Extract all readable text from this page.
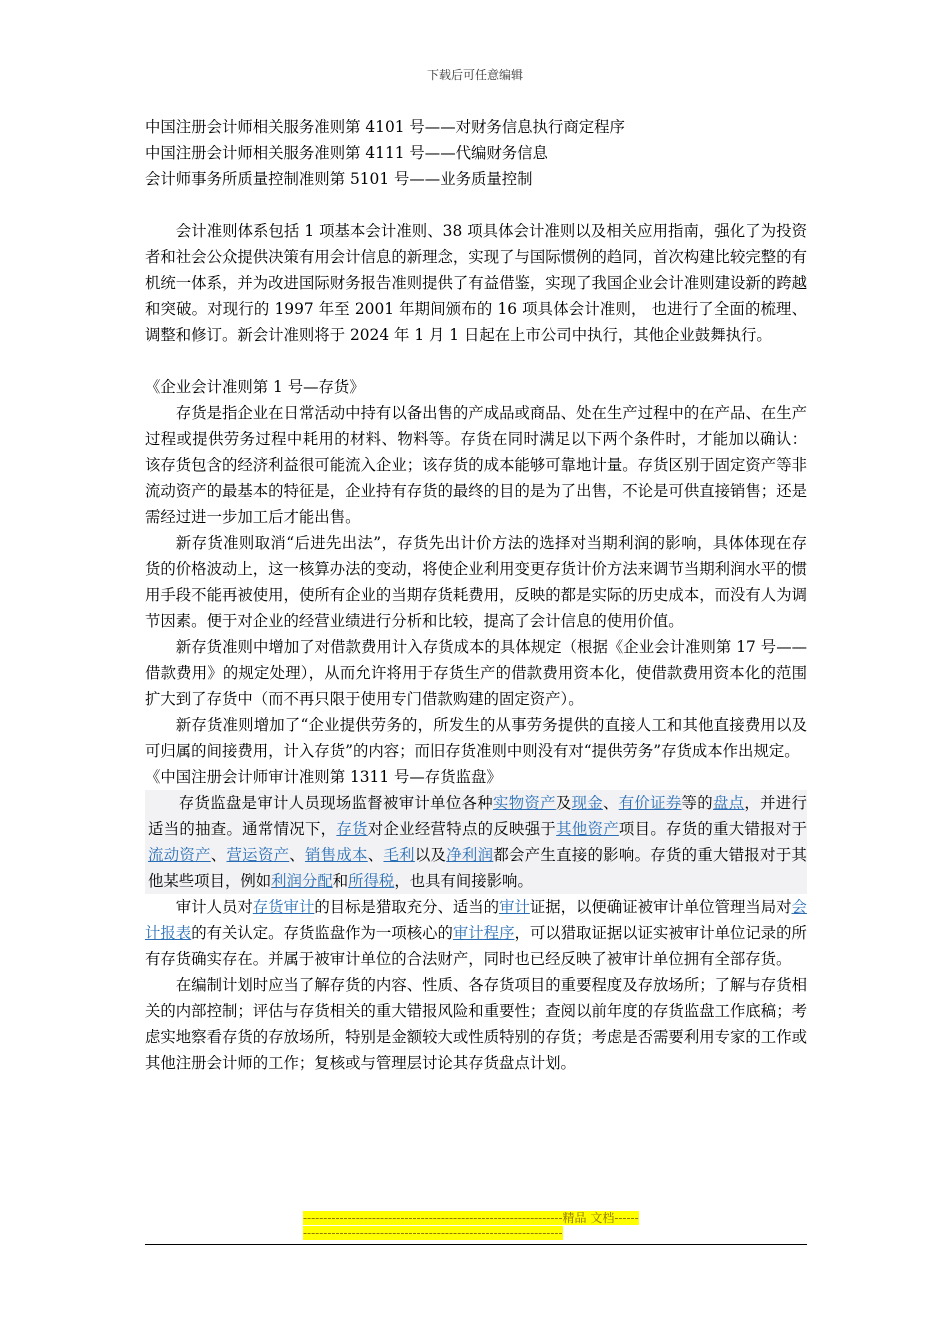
下载后可任意编辑

中国注册会计师相关服务准则第 4101 号——对财务信息执行商定程序

中国注册会计师相关服务准则第 4111 号——代编财务信息

会计师事务所质量控制准则第 5101 号——业务质量控制

会计准则体系包括 1 项基本会计准则、38 项具体会计准则以及相关应用指南，强化了为投资者和社会公众提供决策有用会计信息的新理念，实现了与国际惯例的趋同，首次构建比较完整的有机统一体系，并为改进国际财务报告准则提供了有益借鉴，实现了我国企业会计准则建设新的跨越和突破。对现行的 1997 年至 2001 年期间颁布的 16 项具体会计准则， 也进行了全面的梳理、调整和修订。新会计准则将于 2024 年 1 月 1 日起在上市公司中执行，其他企业鼓舞执行。

《企业会计准则第 1 号—存货》

存货是指企业在日常活动中持有以备出售的产成品或商品、处在生产过程中的在产品、在生产过程或提供劳务过程中耗用的材料、物料等。存货在同时满足以下两个条件时，才能加以确认： 该存货包含的经济利益很可能流入企业；该存货的成本能够可靠地计量。存货区别于固定资产等非流动资产的最基本的特征是，企业持有存货的最终的目的是为了出售，不论是可供直接销售；还是需经过进一步加工后才能出售。

新存货准则取消“后进先出法”，存货先出计价方法的选择对当期利润的影响，具体体现在存货的价格波动上，这一核算办法的变动，将使企业利用变更存货计价方法来调节当期利润水平的惯用手段不能再被使用，使所有企业的当期存货耗费用，反映的都是实际的历史成本，而没有人为调节因素。便于对企业的经营业绩进行分析和比较，提高了会计信息的使用价值。

新存货准则中增加了对借款费用计入存货成本的具体规定（根据《企业会计准则第 17 号——借款费用》的规定处理），从而允许将用于存货生产的借款费用资本化，使借款费用资本化的范围扩大到了存货中（而不再只限于使用专门借款购建的固定资产）。

新存货准则增加了“企业提供劳务的，所发生的从事劳务提供的直接人工和其他直接费用以及可归属的间接费用，计入存货”的内容；而旧存货准则中则没有对“提供劳务”存货成本作出规定。

《中国注册会计师审计准则第 1311 号—存货监盘》

存货监盘是审计人员现场监督被审计单位各种实物资产及现金、有价证券等的盘点，并进行适当的抽查。通常情况下，存货对企业经营特点的反映强于其他资产项目。存货的重大错报对于流动资产、营运资产、销售成本、毛利以及净利润都会产生直接的影响。存货的重大错报对于其他某些项目，例如利润分配和所得税，也具有间接影响。

审计人员对存货审计的目标是猎取充分、适当的审计证据，以便确证被审计单位管理当局对会计报表的有关认定。存货监盘作为一项核心的审计程序，可以猎取证据以证实被审计单位记录的所有存货确实存在。并属于被审计单位的合法财产，同时也已经反映了被审计单位拥有全部存货。

在编制计划时应当了解存货的内容、性质、各存货项目的重要程度及存放场所；了解与存货相关的内部控制；评估与存货相关的重大错报风险和重要性；查阅以前年度的存货监盘工作底稿；考虑实地察看存货的存放场所，特别是金额较大或性质特别的存货；考虑是否需要利用专家的工作或其他注册会计师的工作；复核或与管理层讨论其存货盘点计划。

----------------------------------------------------------------精品 文档----------------------------------------------------------------------
